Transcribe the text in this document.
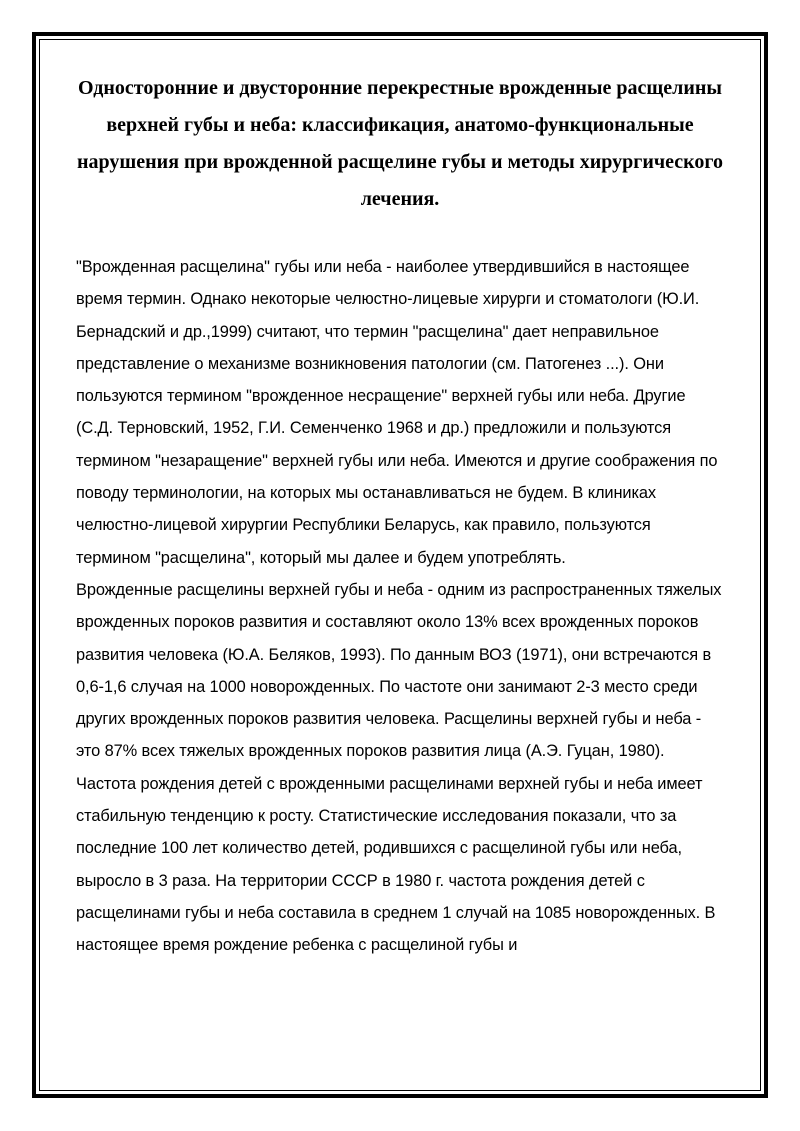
Односторонние и двусторонние перекрестные врожденные расщелины верхней губы и неба: классификация, анатомо-функциональные нарушения при врожденной расщелине губы и методы хирургического лечения.

"Врожденная расщелина" губы или неба - наиболее утвердившийся в настоящее время термин. Однако некоторые челюстно-лицевые хирурги и стоматологи (Ю.И. Бернадский и др.,1999) считают, что термин "расщелина" дает неправильное представление о механизме возникновения патологии (см. Патогенез ...). Они пользуются термином "врожденное несращение" верхней губы или неба. Другие (С.Д. Терновский, 1952, Г.И. Семенченко 1968 и др.) предложили и пользуются термином "незаращение" верхней губы или неба. Имеются и другие соображения по поводу терминологии, на которых мы останавливаться не будем. В клиниках челюстно-лицевой хирургии Республики Беларусь, как правило, пользуются термином "расщелина", который мы далее и будем употреблять.

Врожденные расщелины верхней губы и неба - одним из распространенных тяжелых врожденных пороков развития и составляют около 13% всех врожденных пороков развития человека (Ю.А. Беляков, 1993). По данным ВОЗ (1971), они встречаются в 0,6-1,6 случая на 1000 новорожденных. По частоте они занимают 2-3 место среди других врожденных пороков развития человека. Расщелины верхней губы и неба - это 87% всех тяжелых врожденных пороков развития лица (А.Э. Гуцан, 1980).

Частота рождения детей с врожденными расщелинами верхней губы и неба имеет стабильную тенденцию к росту. Статистические исследования показали, что за последние 100 лет количество детей, родившихся с расщелиной губы или неба, выросло в 3 раза. На территории СССР в 1980 г. частота рождения детей с расщелинами губы и неба составила в среднем 1 случай на 1085 новорожденных. В настоящее время рождение ребенка с расщелиной губы и
